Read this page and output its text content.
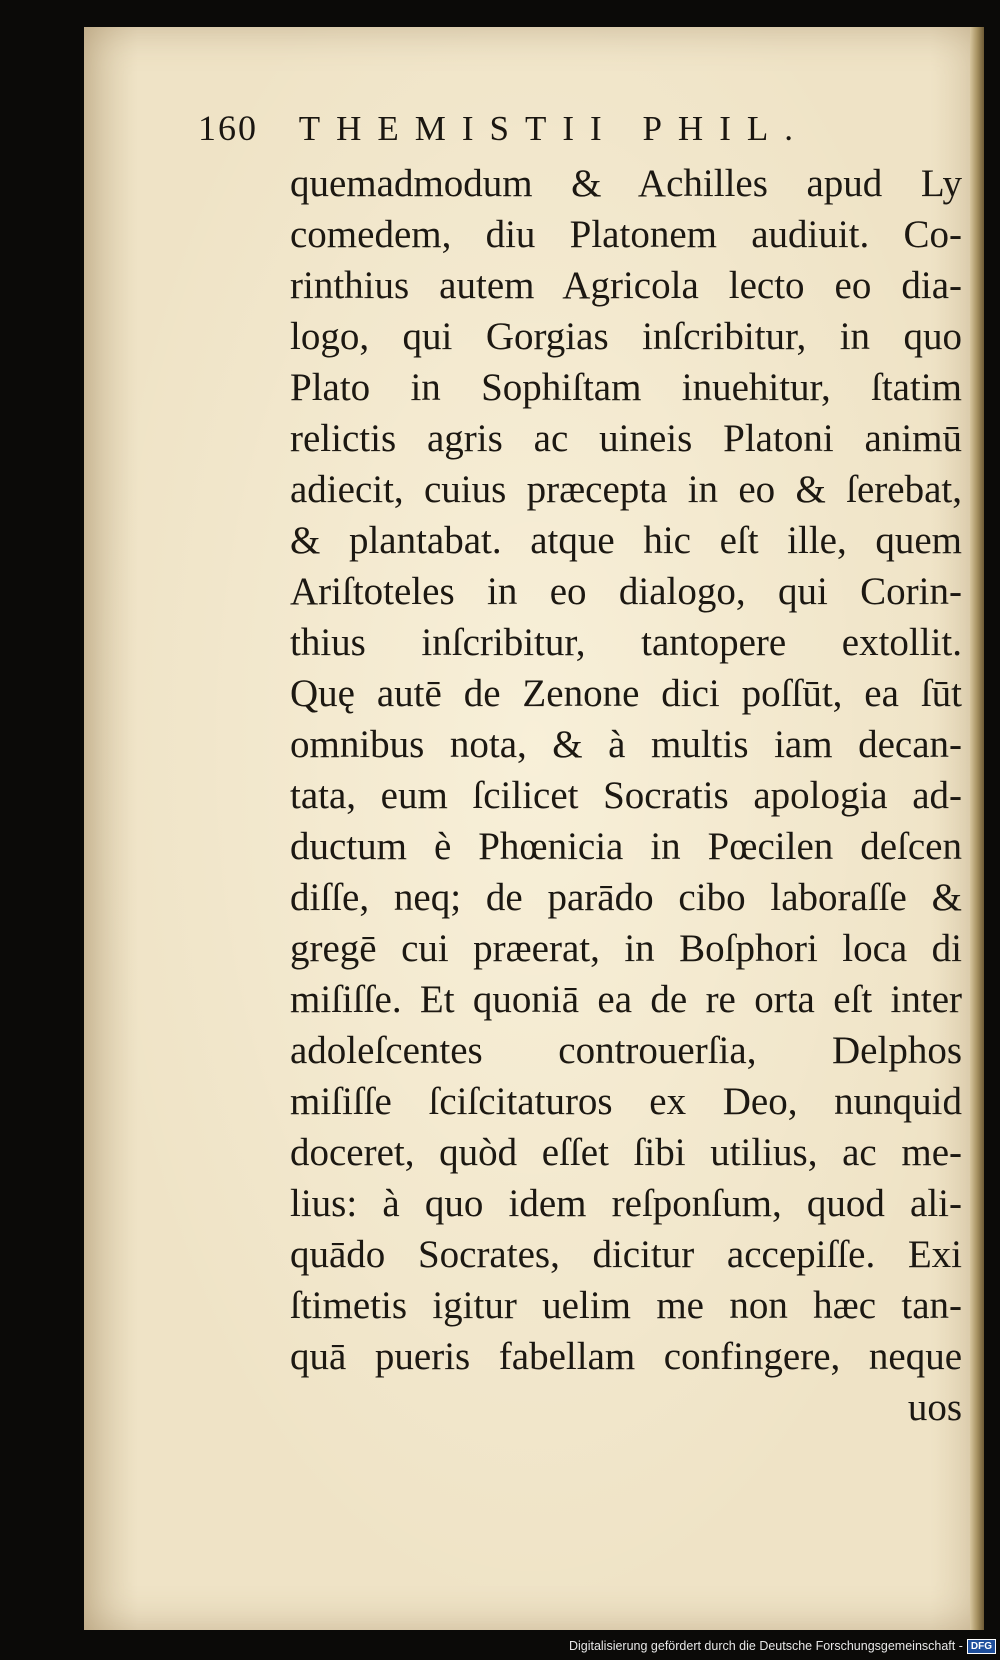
160 THEMISTII PHIL.
quemadmodum & Achilles apud Ly
comedem, diu Platonem audiuit. Co-
rinthius autem Agricola lecto eo dia-
logo, qui Gorgias inſcribitur, in quo
Plato in Sophiſtam inuehitur, ſtatim
relictis agris ac uineis Platoni animū
adiecit, cuius præcepta in eo & ſerebat,
& plantabat. atque hic eſt ille, quem
Ariſtoteles in eo dialogo, qui Corin-
thius inſcribitur, tantopere extollit.
Quę autē de Zenone dici poſſūt, ea ſūt
omnibus nota, & à multis iam decan-
tata, eum ſcilicet Socratis apologia ad-
ductum è Phœnicia in Pœcilen deſcen
diſſe, neq; de parādo cibo laboraſſe &
gregē cui præerat, in Boſphori loca di
miſiſſe. Et quoniā ea de re orta eſt inter
adoleſcentes controuerſia, Delphos
miſiſſe ſciſcitaturos ex Deo, nunquid
doceret, quòd eſſet ſibi utilius, ac me-
lius: à quo idem reſponſum, quod ali-
quādo Socrates, dicitur accepiſſe. Exi
ſtimetis igitur uelim me non hæc tan-
quā pueris fabellam confingere, neque
uos
Digitalisierung gefördert durch die Deutsche Forschungsgemeinschaft - DFG
